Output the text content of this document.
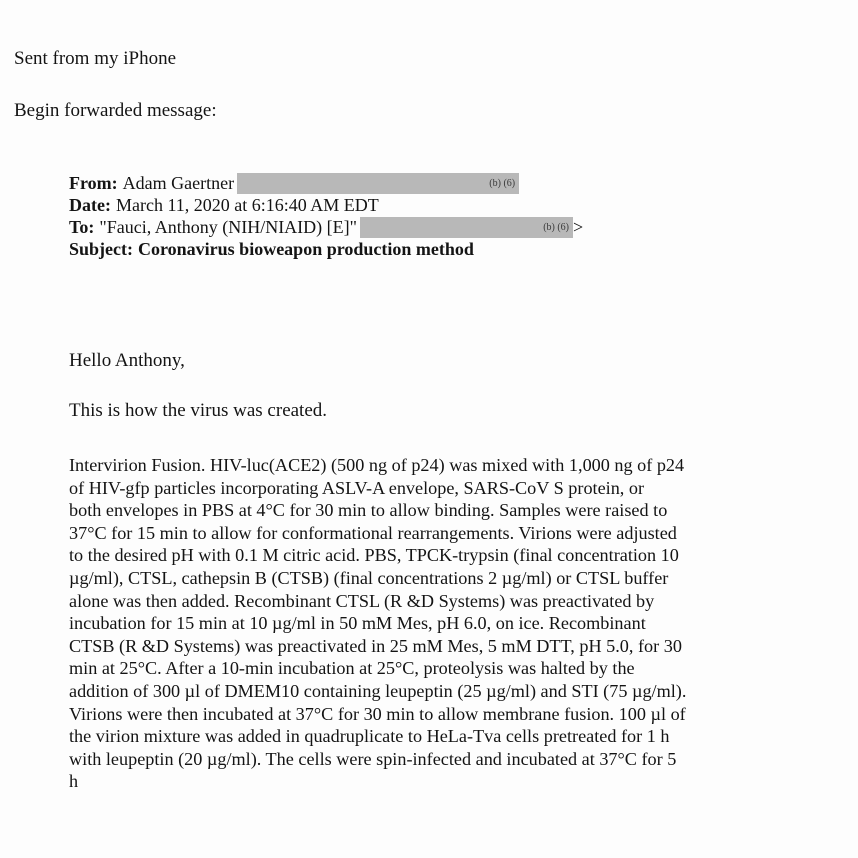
Sent from my iPhone
Begin forwarded message:
From: Adam Gaertner	(b) (6)
Date: March 11, 2020 at 6:16:40 AM EDT
To: "Fauci, Anthony (NIH/NIAID) [E]"	(b) (6) >
Subject: Coronavirus bioweapon production method
Hello Anthony,
This is how the virus was created.
Intervirion Fusion. HIV-luc(ACE2) (500 ng of p24) was mixed with 1,000 ng of p24
of HIV-gfp particles incorporating ASLV-A envelope, SARS-CoV S protein, or
both envelopes in PBS at 4°C for 30 min to allow binding. Samples were raised to
37°C for 15 min to allow for conformational rearrangements. Virions were adjusted
to the desired pH with 0.1 M citric acid. PBS, TPCK-trypsin (final concentration 10
µg/ml), CTSL, cathepsin B (CTSB) (final concentrations 2 µg/ml) or CTSL buffer
alone was then added. Recombinant CTSL (R &D Systems) was preactivated by
incubation for 15 min at 10 µg/ml in 50 mM Mes, pH 6.0, on ice. Recombinant
CTSB (R &D Systems) was preactivated in 25 mM Mes, 5 mM DTT, pH 5.0, for 30
min at 25°C. After a 10-min incubation at 25°C, proteolysis was halted by the
addition of 300 µl of DMEM10 containing leupeptin (25 µg/ml) and STI (75 µg/ml).
Virions were then incubated at 37°C for 30 min to allow membrane fusion. 100 µl of
the virion mixture was added in quadruplicate to HeLa-Tva cells pretreated for 1 h
with leupeptin (20 µg/ml). The cells were spin-infected and incubated at 37°C for 5
h
